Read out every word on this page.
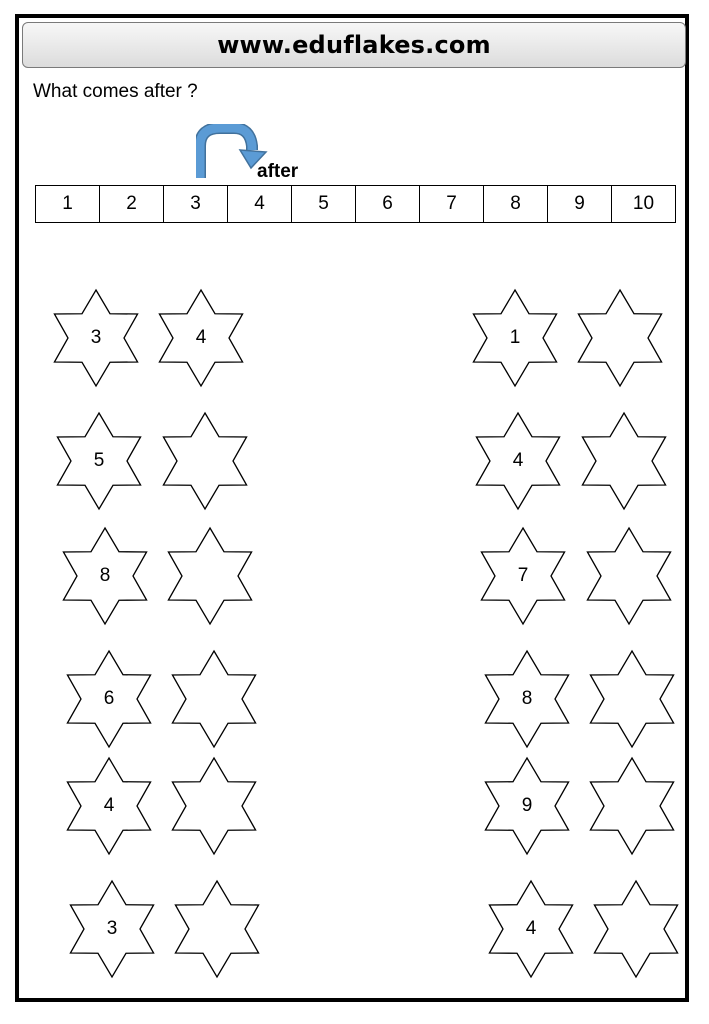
www.eduflakes.com
What comes after ?
after
1	2	3	4	5	6	7	8	9	10
3	4
5
8
6
4
3
1
4
7
8
9
4
